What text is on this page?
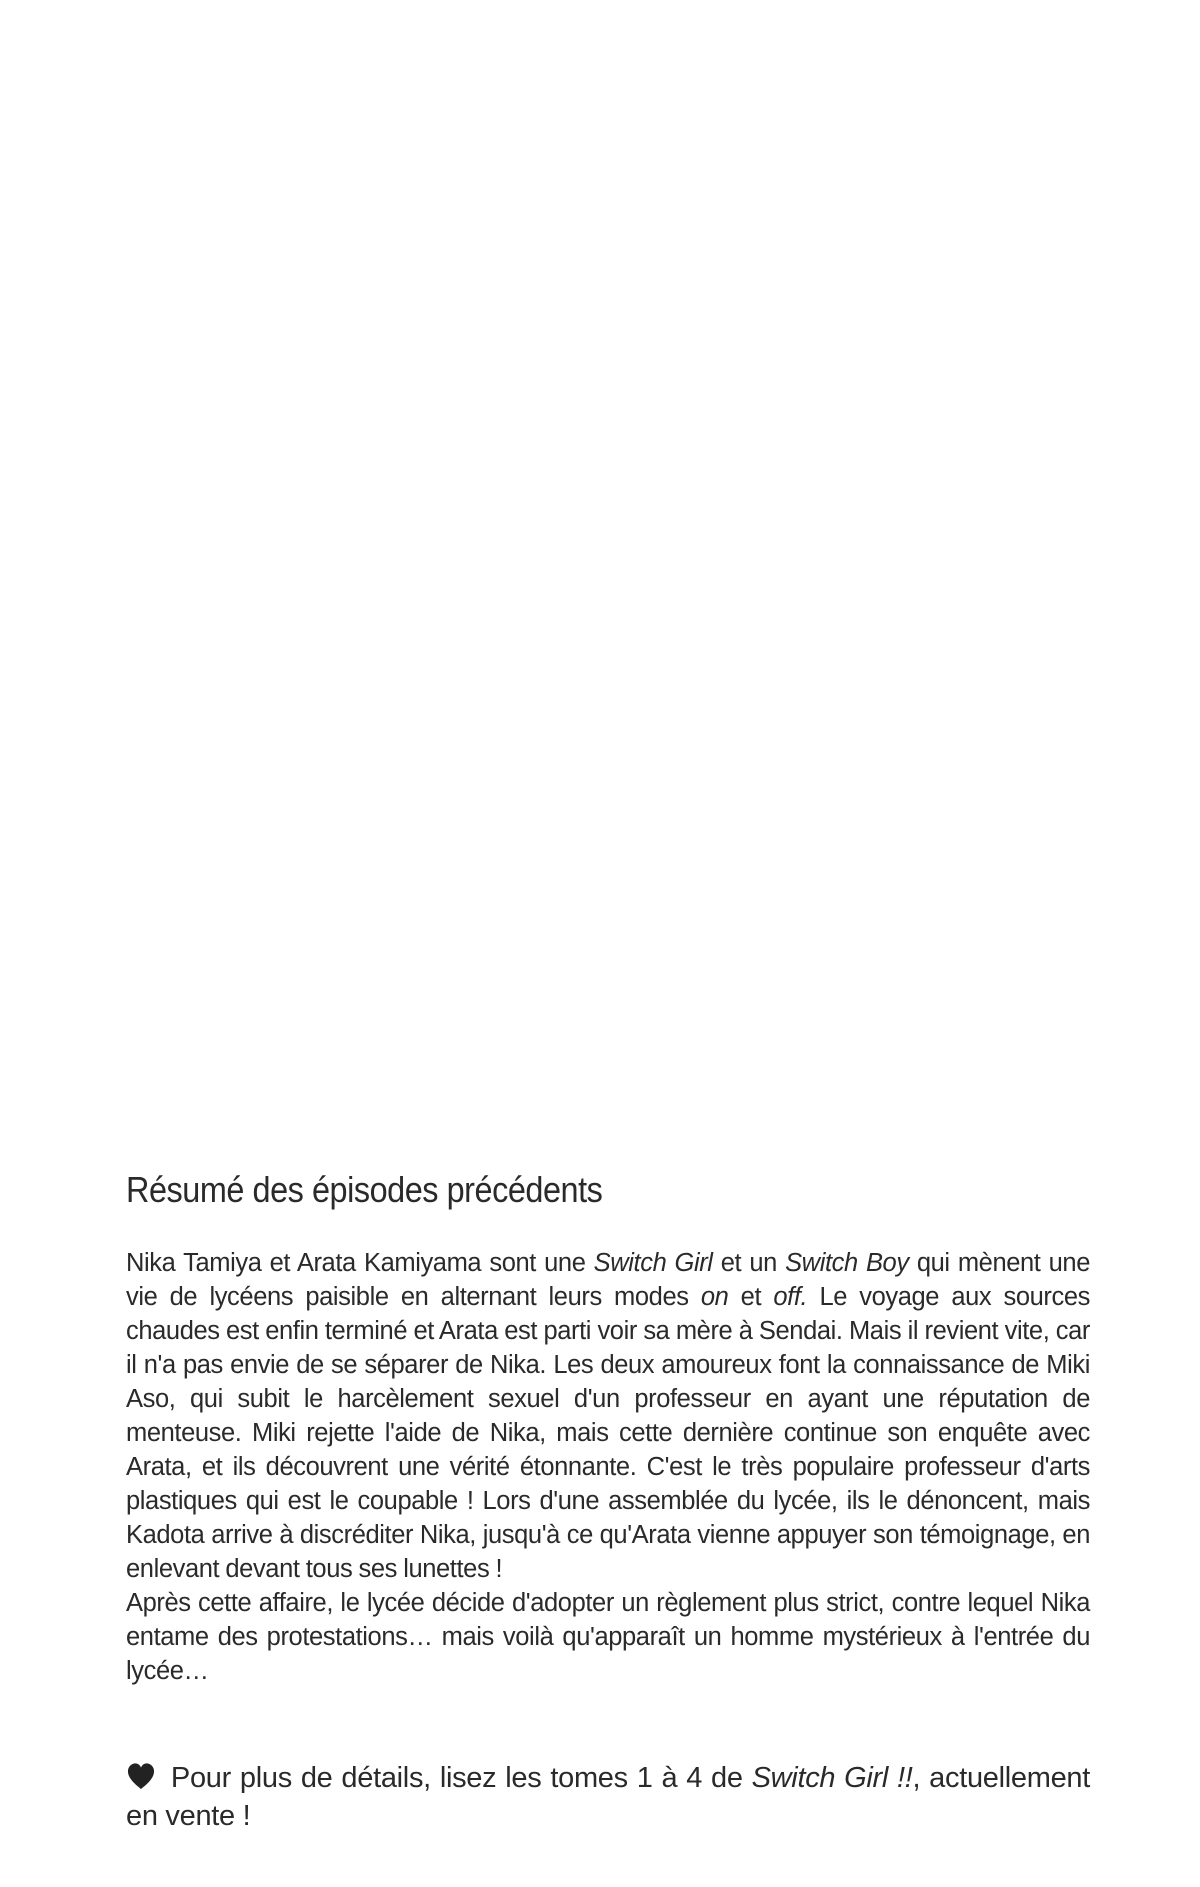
Résumé des épisodes précédents

Nika Tamiya et Arata Kamiyama sont une Switch Girl et un Switch Boy qui mènent une vie de lycéens paisible en alternant leurs modes on et off. Le voyage aux sources chaudes est enfin terminé et Arata est parti voir sa mère à Sendai. Mais il revient vite, car il n'a pas envie de se séparer de Nika. Les deux amoureux font la connaissance de Miki Aso, qui subit le harcèlement sexuel d'un professeur en ayant une réputation de menteuse. Miki rejette l'aide de Nika, mais cette dernière continue son enquête avec Arata, et ils découvrent une vérité étonnante. C'est le très populaire professeur d'arts plastiques qui est le coupable ! Lors d'une assemblée du lycée, ils le dénoncent, mais Kadota arrive à discréditer Nika, jusqu'à ce qu'Arata vienne appuyer son témoignage, en enlevant devant tous ses lunettes !

Après cette affaire, le lycée décide d'adopter un règlement plus strict, contre lequel Nika entame des protestations… mais voilà qu'apparaît un homme mystérieux à l'entrée du lycée…

Pour plus de détails, lisez les tomes 1 à 4 de Switch Girl !!, actuellement en vente !
